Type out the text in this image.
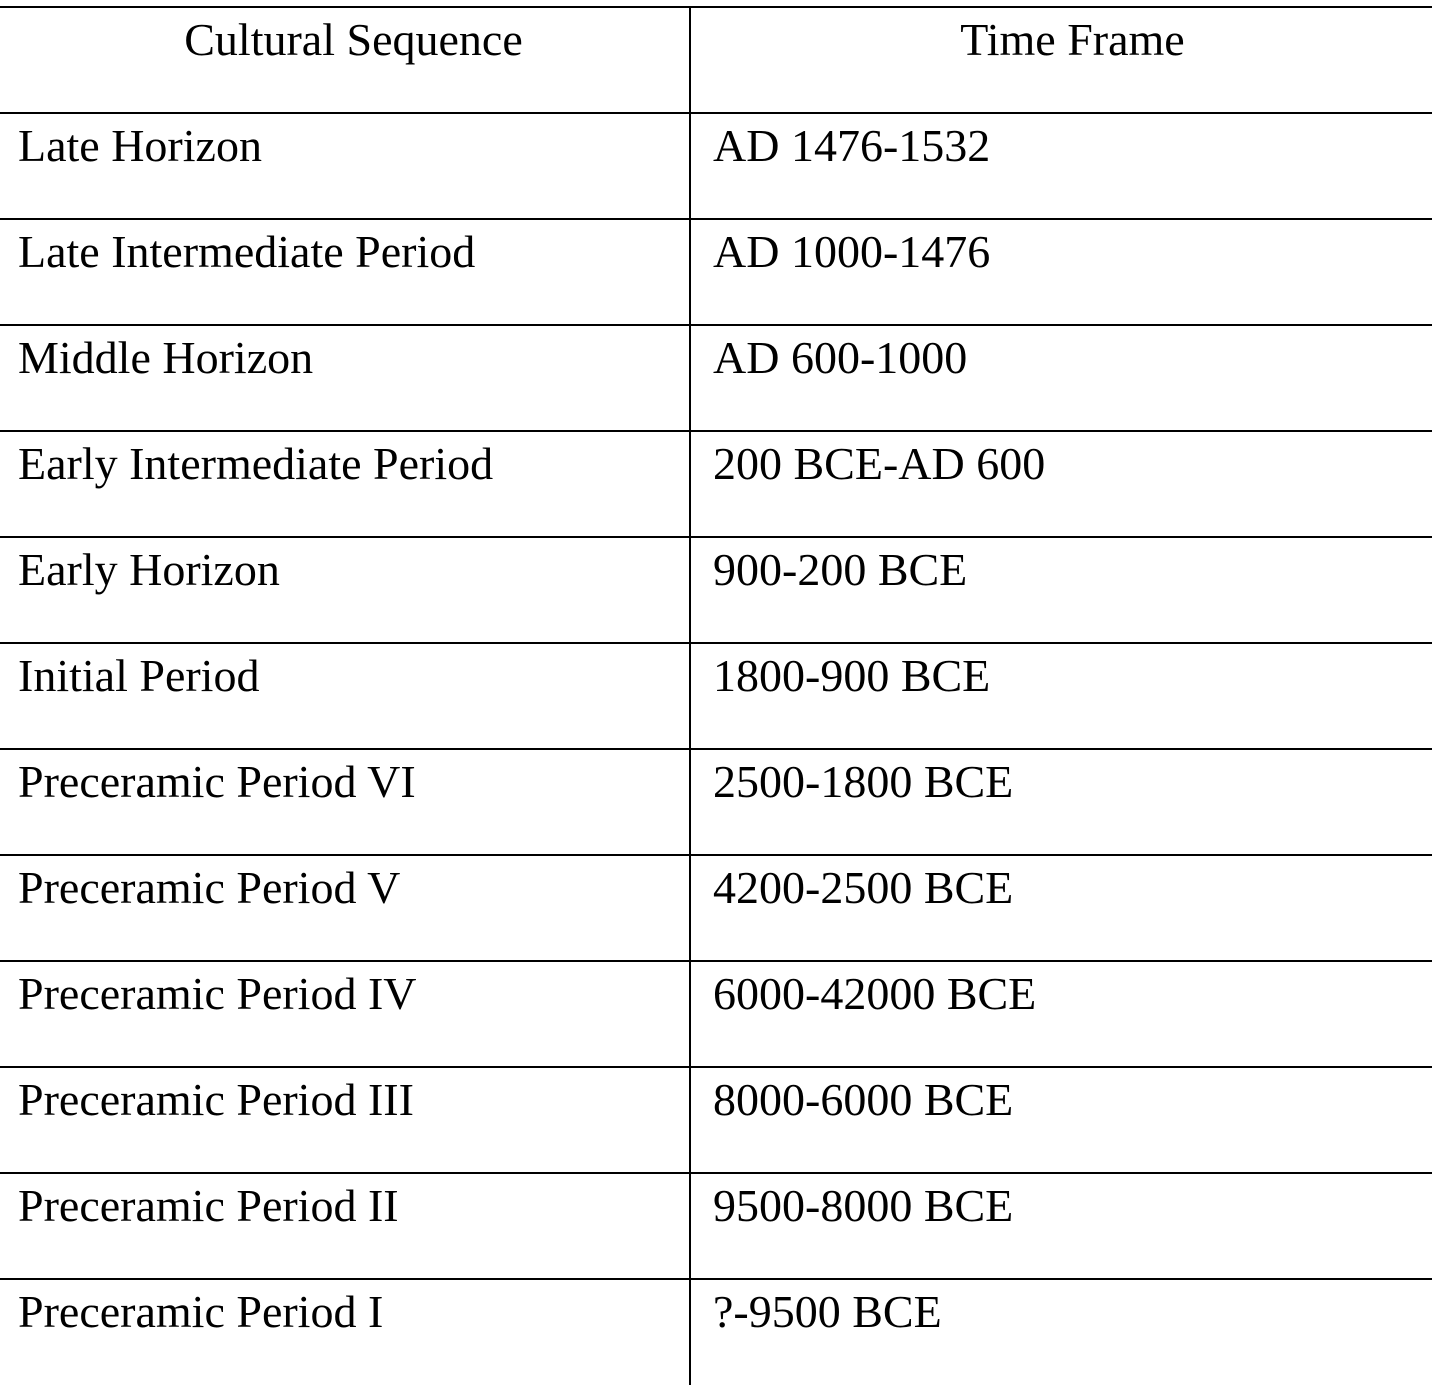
Cultural Sequence	Time Frame
Late Horizon	AD 1476-1532
Late Intermediate Period	AD 1000-1476
Middle Horizon	AD 600-1000
Early Intermediate Period	200 BCE-AD 600
Early Horizon	900-200 BCE
Initial Period	1800-900 BCE
Preceramic Period VI	2500-1800 BCE
Preceramic Period V	4200-2500 BCE
Preceramic Period IV	6000-42000 BCE
Preceramic Period III	8000-6000 BCE
Preceramic Period II	9500-8000 BCE
Preceramic Period I	?-9500 BCE
